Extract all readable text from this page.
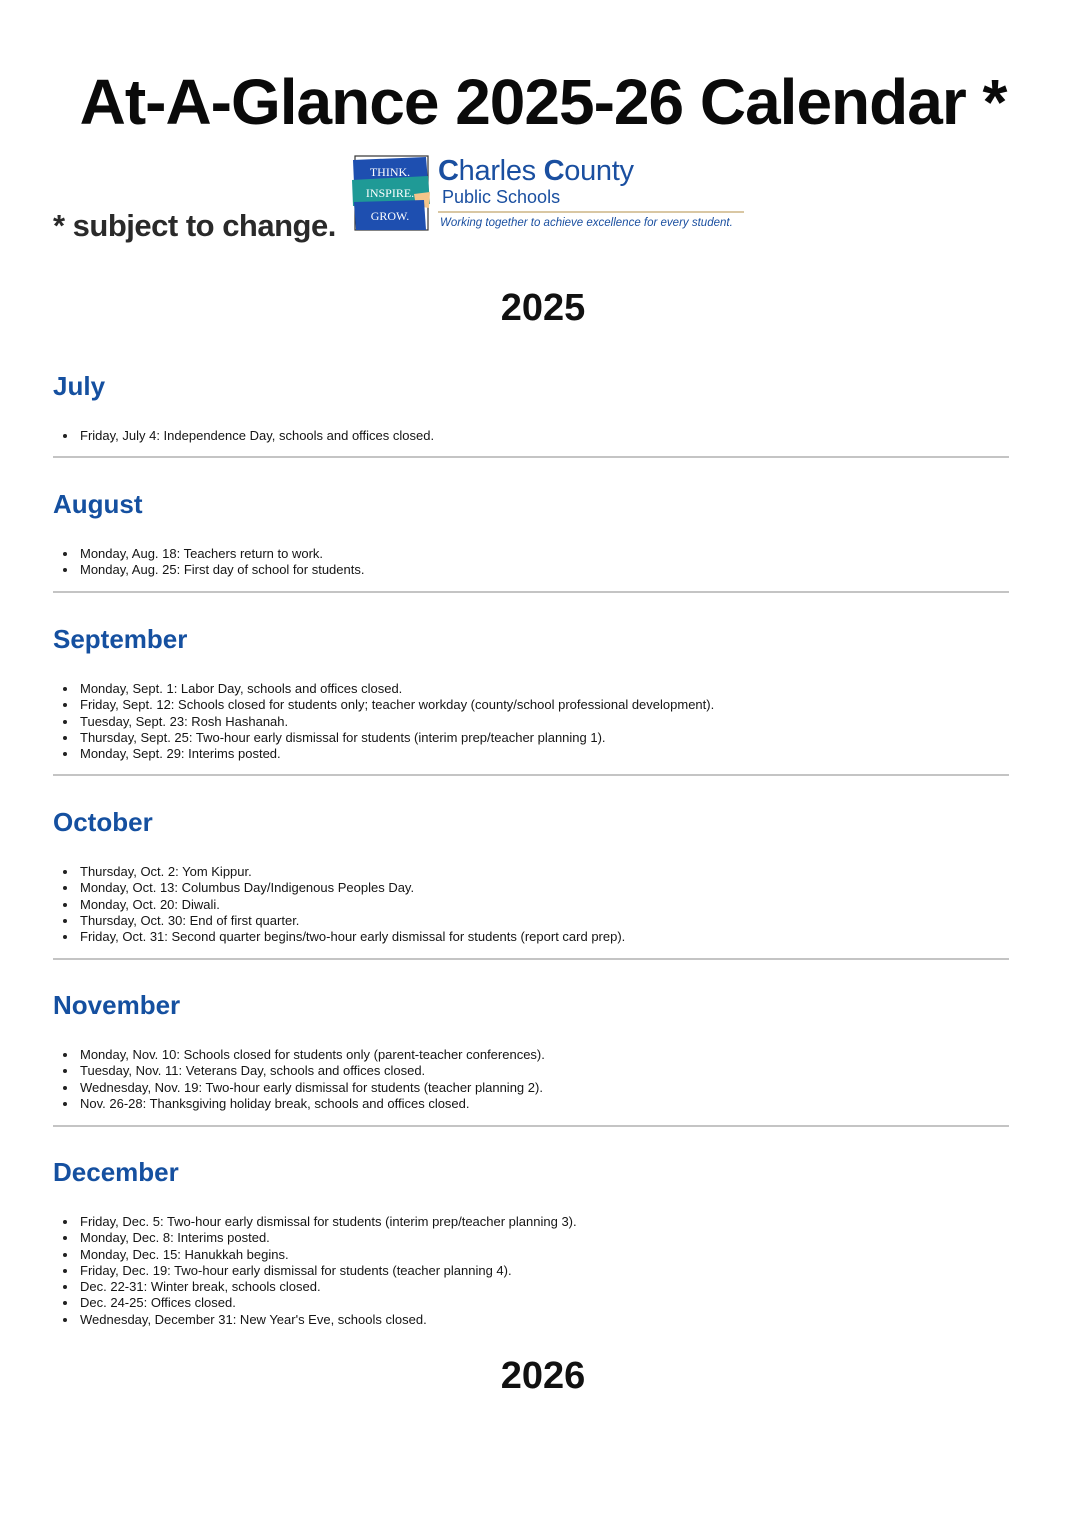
At-A-Glance 2025-26 Calendar *
* subject to change.
THINK.
INSPIRE.
GROW.
Charles County
Public Schools
Working together to achieve excellence for every student.
2025
July
Friday, July 4: Independence Day, schools and offices closed.
August
Monday, Aug. 18: Teachers return to work.
Monday, Aug. 25: First day of school for students.
September
Monday, Sept. 1: Labor Day, schools and offices closed.
Friday, Sept. 12: Schools closed for students only; teacher workday (county/school professional development).
Tuesday, Sept. 23: Rosh Hashanah.
Thursday, Sept. 25: Two-hour early dismissal for students (interim prep/teacher planning 1).
Monday, Sept. 29: Interims posted.
October
Thursday, Oct. 2: Yom Kippur.
Monday, Oct. 13: Columbus Day/Indigenous Peoples Day.
Monday, Oct. 20: Diwali.
Thursday, Oct. 30: End of first quarter.
Friday, Oct. 31: Second quarter begins/two-hour early dismissal for students (report card prep).
November
Monday, Nov. 10: Schools closed for students only (parent-teacher conferences).
Tuesday, Nov. 11: Veterans Day, schools and offices closed.
Wednesday, Nov. 19: Two-hour early dismissal for students (teacher planning 2).
Nov. 26-28: Thanksgiving holiday break, schools and offices closed.
December
Friday, Dec. 5: Two-hour early dismissal for students (interim prep/teacher planning 3).
Monday, Dec. 8: Interims posted.
Monday, Dec. 15: Hanukkah begins.
Friday, Dec. 19: Two-hour early dismissal for students (teacher planning 4).
Dec. 22-31: Winter break, schools closed.
Dec. 24-25: Offices closed.
Wednesday, December 31: New Year's Eve, schools closed.
2026
